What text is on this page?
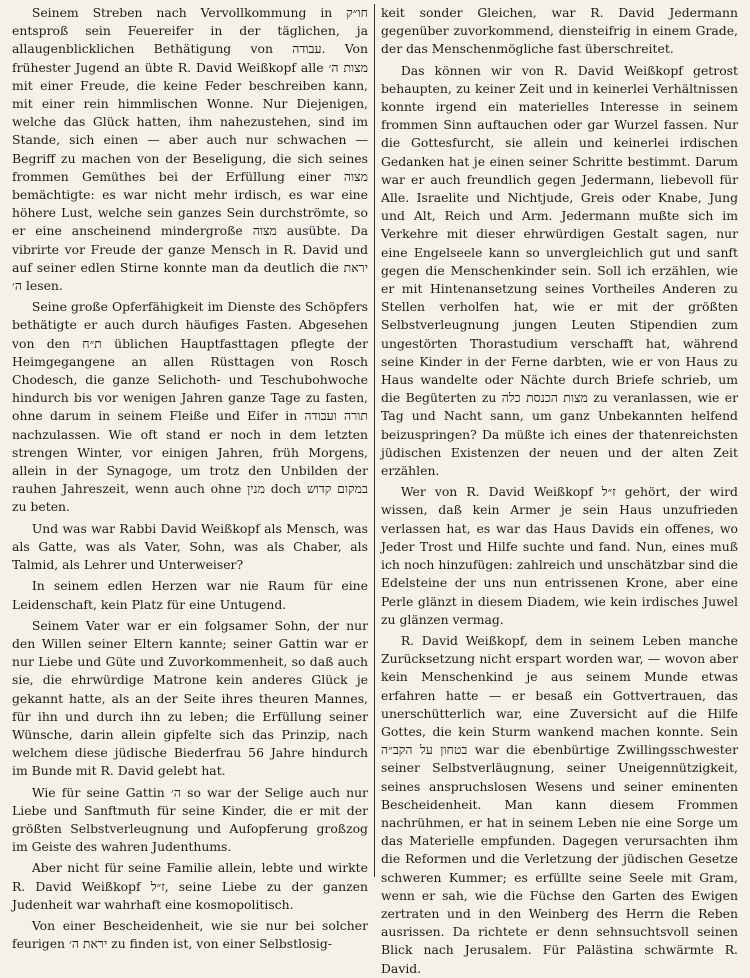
Seinem Streben nach Vervollkommung in חו״ק entsproß sein Feuereifer in der täglichen, ja allaugenblicklichen Bethätigung von עבודה. Von frühester Jugend an übte R. David Weißkopf alle מצות ה׳ mit einer Freude, die keine Feder beschreiben kann, mit einer rein himmlischen Wonne. Nur Diejenigen, welche das Glück hatten, ihm nahezustehen, sind im Stande, sich einen — aber auch nur schwachen — Begriff zu machen von der Beseligung, die sich seines frommen Gemüthes bei der Erfüllung einer מצוה bemächtigte: es war nicht mehr irdisch, es war eine höhere Lust, welche sein ganzes Sein durchströmte, so er eine anscheinend mindergroße מצוה ausübte. Da vibrirte vor Freude der ganze Mensch in R. David und auf seiner edlen Stirne konnte man da deutlich die יראת ה׳ lesen.

Seine große Opferfähigkeit im Dienste des Schöpfers bethätigte er auch durch häufiges Fasten. Abgesehen von den ת״ח üblichen Hauptfasttagen pflegte der Heimgegangene an allen Rüsttagen von Rosch Chodesch, die ganze Selichoth- und Teschubohwoche hindurch bis vor wenigen Jahren ganze Tage zu fasten, ohne darum in seinem Fleiße und Eifer in תורה ועבודה nachzulassen. Wie oft stand er noch in dem letzten strengen Winter, vor einigen Jahren, früh Morgens, allein in der Synagoge, um trotz den Unbilden der rauhen Jahreszeit, wenn auch ohne מנין doch במקום קדוש zu beten.

Und was war Rabbi David Weißkopf als Mensch, was als Gatte, was als Vater, Sohn, was als Chaber, als Talmid, als Lehrer und Unterweiser?

In seinem edlen Herzen war nie Raum für eine Leidenschaft, kein Platz für eine Untugend.

Seinem Vater war er ein folgsamer Sohn, der nur den Willen seiner Eltern kannte; seiner Gattin war er nur Liebe und Güte und Zuvorkommenheit, so daß auch sie, die ehrwürdige Matrone kein anderes Glück je gekannt hatte, als an der Seite ihres theuren Mannes, für ihn und durch ihn zu leben; die Erfüllung seiner Wünsche, darin allein gipfelte sich das Prinzip, nach welchem diese jüdische Biederfrau 56 Jahre hindurch im Bunde mit R. David gelebt hat.

Wie für seine Gattin ה׳ so war der Selige auch nur Liebe und Sanftmuth für seine Kinder, die er mit der größten Selbstverleugnung und Aufopferung großzog im Geiste des wahren Judenthums.

Aber nicht für seine Familie allein, lebte und wirkte R. David Weißkopf ז״ל, seine Liebe zu der ganzen Judenheit war wahrhaft eine kosmopolitisch.

Von einer Bescheidenheit, wie sie nur bei solcher feurigen יראת ה׳ zu finden ist, von einer Selbstlosig-

keit sonder Gleichen, war R. David Jedermann gegenüber zuvorkommend, diensteifrig in einem Grade, der das Menschenmögliche fast überschreitet.

Das können wir von R. David Weißkopf getrost behaupten, zu keiner Zeit und in keinerlei Verhältnissen konnte irgend ein materielles Interesse in seinem frommen Sinn auftauchen oder gar Wurzel fassen. Nur die Gottesfurcht, sie allein und keinerlei irdischen Gedanken hat je einen seiner Schritte bestimmt. Darum war er auch freundlich gegen Jedermann, liebevoll für Alle. Israelite und Nichtjude, Greis oder Knabe, Jung und Alt, Reich und Arm. Jedermann mußte sich im Verkehre mit dieser ehrwürdigen Gestalt sagen, nur eine Engelseele kann so unvergleichlich gut und sanft gegen die Menschenkinder sein. Soll ich erzählen, wie er mit Hintenansetzung seines Vortheiles Anderen zu Stellen verholfen hat, wie er mit der größten Selbstverleugnung jungen Leuten Stipendien zum ungestörten Thorastudium verschafft hat, während seine Kinder in der Ferne darbten, wie er von Haus zu Haus wandelte oder Nächte durch Briefe schrieb, um die Begüterten zu מצות הכנסת כלה zu veranlassen, wie er Tag und Nacht sann, um ganz Unbekannten helfend beizuspringen? Da müßte ich eines der thatenreichsten jüdischen Existenzen der neuen und der alten Zeit erzählen.

Wer von R. David Weißkopf ז״ל gehört, der wird wissen, daß kein Armer je sein Haus unzufrieden verlassen hat, es war das Haus Davids ein offenes, wo Jeder Trost und Hilfe suchte und fand. Nun, eines muß ich noch hinzufügen: zahlreich und unschätzbar sind die Edelsteine der uns nun entrissenen Krone, aber eine Perle glänzt in diesem Diadem, wie kein irdisches Juwel zu glänzen vermag.

R. David Weißkopf, dem in seinem Leben manche Zurücksetzung nicht erspart worden war, — wovon aber kein Menschenkind je aus seinem Munde etwas erfahren hatte — er besaß ein Gottvertrauen, das unerschütterlich war, eine Zuversicht auf die Hilfe Gottes, die kein Sturm wankend machen konnte. Sein בטחון על הקב״ה war die ebenbürtige Zwillingsschwester seiner Selbstverläugnung, seiner Uneigennützigkeit, seines anspruchslosen Wesens und seiner eminenten Bescheidenheit. Man kann diesem Frommen nachrühmen, er hat in seinem Leben nie eine Sorge um das Materielle empfunden. Dagegen verursachten ihm die Reformen und die Verletzung der jüdischen Gesetze schweren Kummer; es erfüllte seine Seele mit Gram, wenn er sah, wie die Füchse den Garten des Ewigen zertraten und in den Weinberg des Herrn die Reben ausrissen. Da richtete er denn sehnsuchtsvoll seinen Blick nach Jerusalem. Für Palästina schwärmte R. David.
